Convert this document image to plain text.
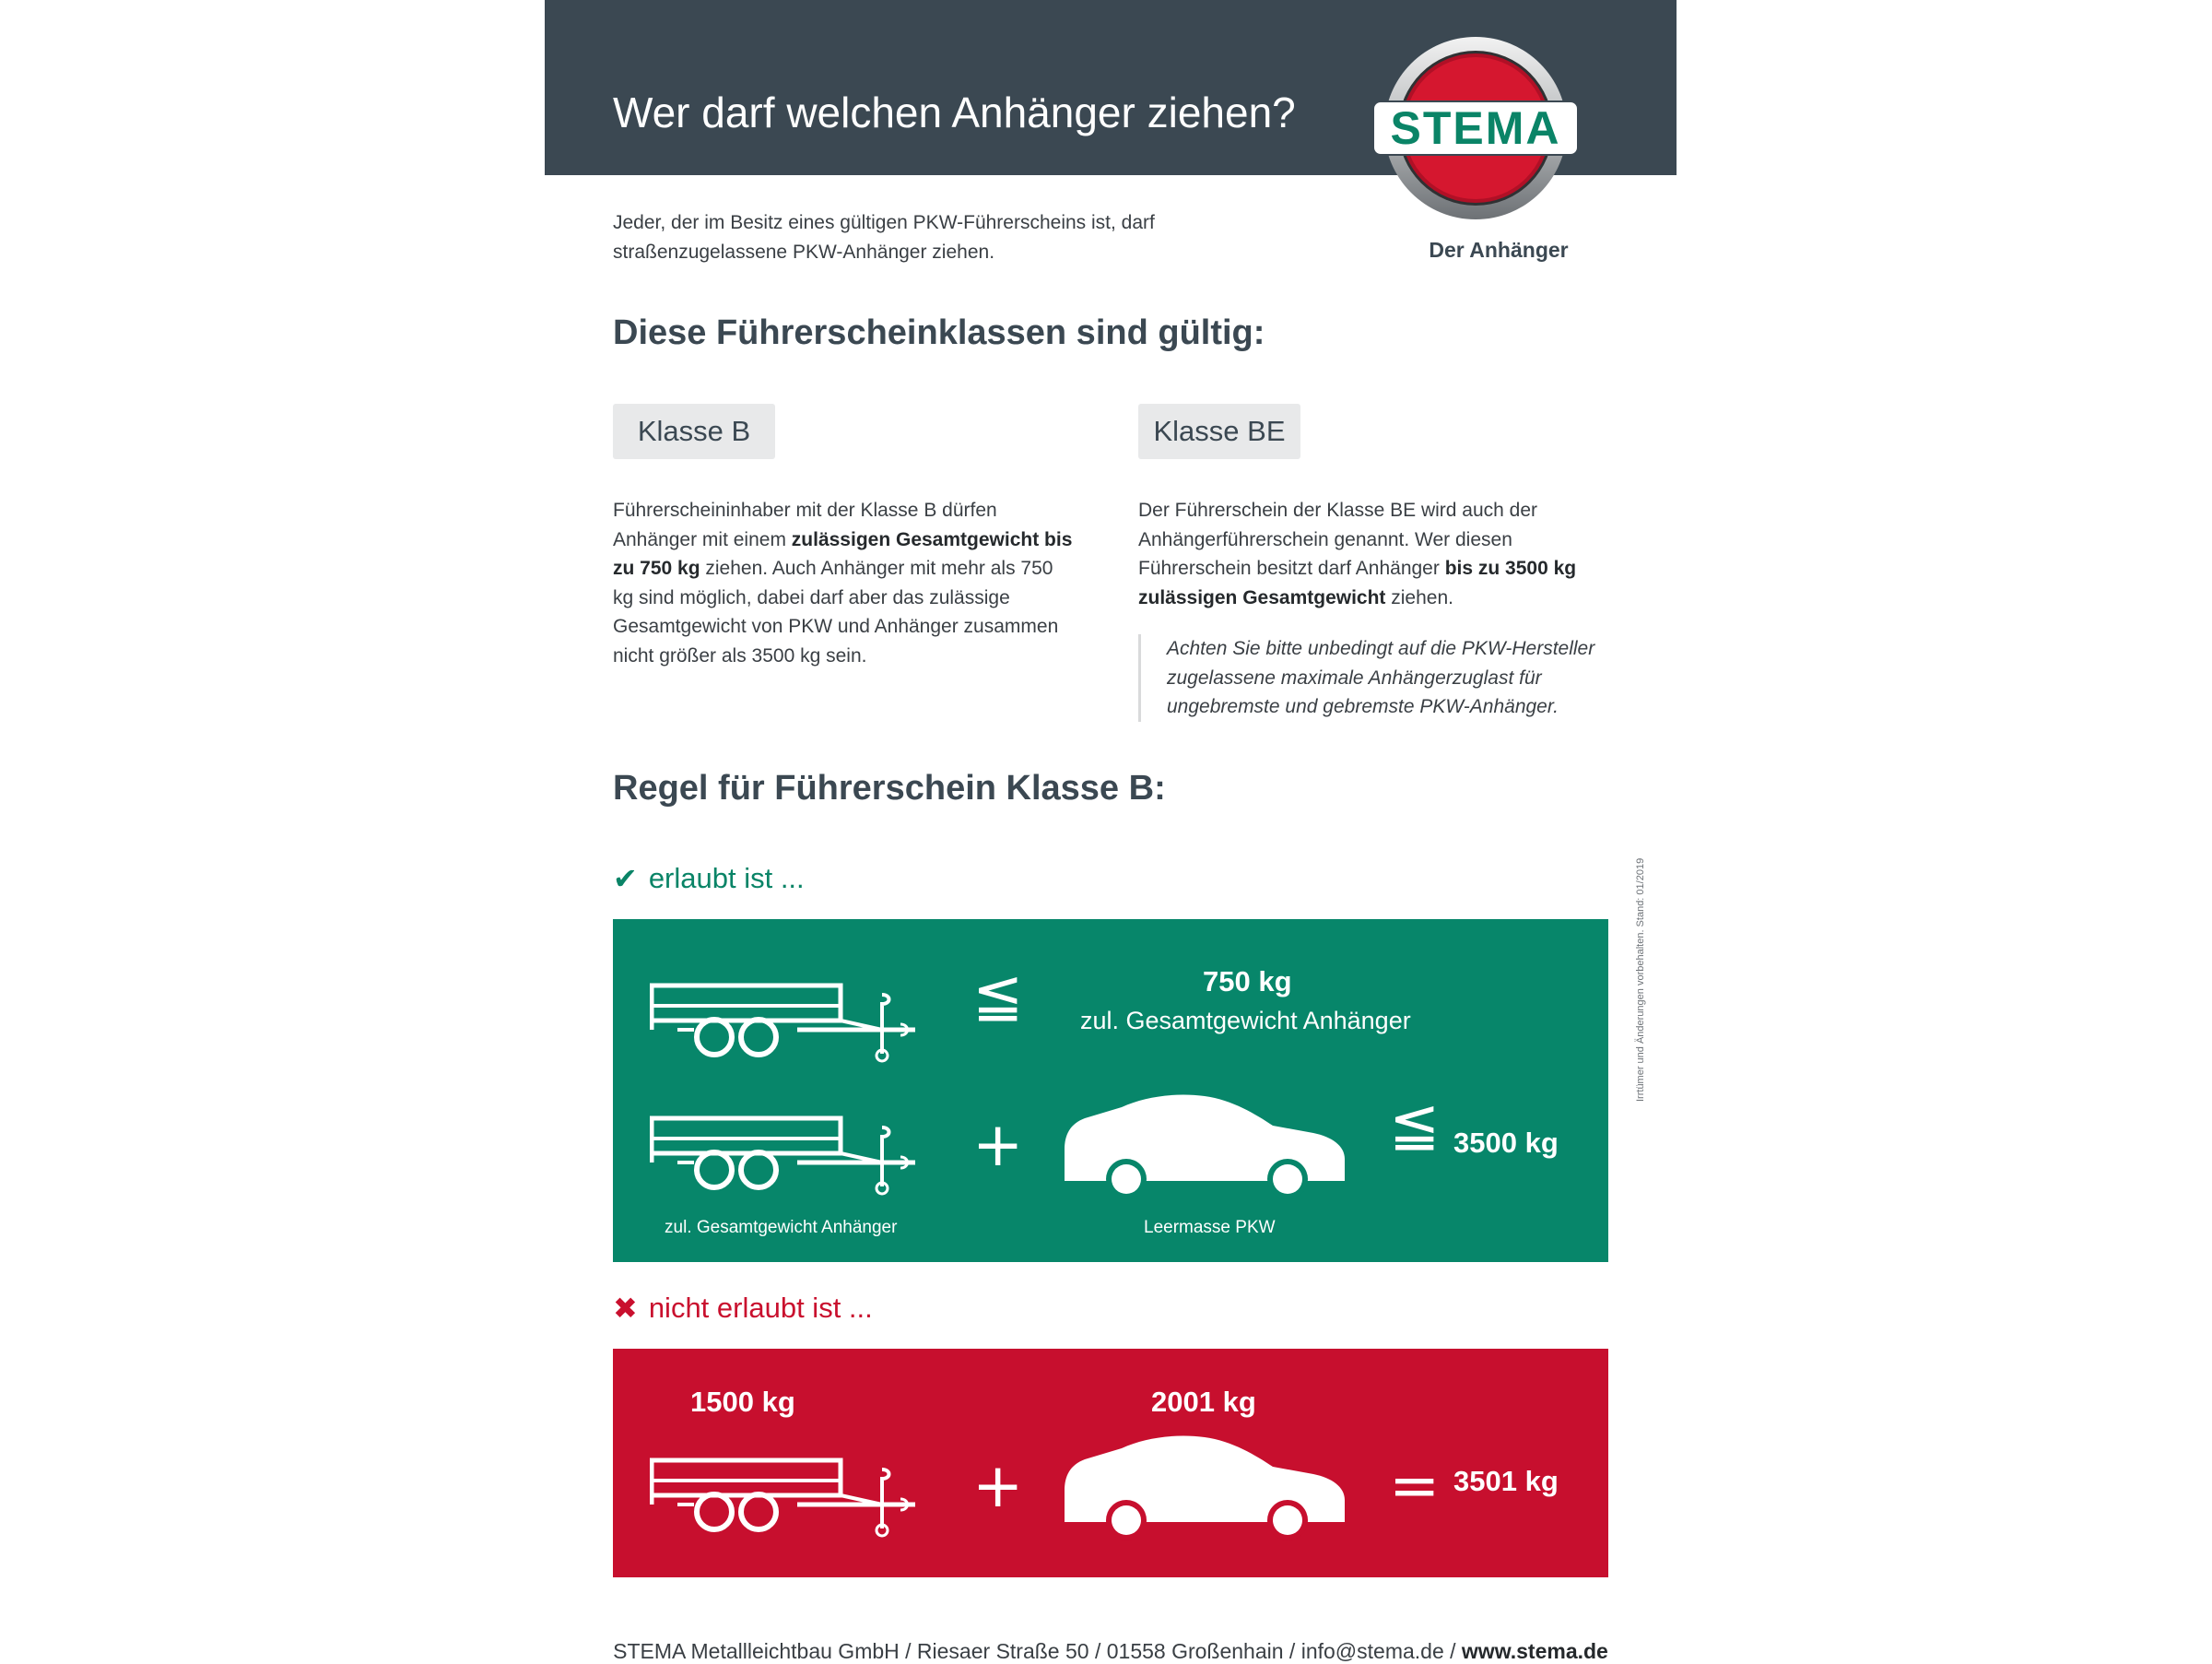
Wer darf welchen Anhänger ziehen? STEMA
Der Anhänger

Jeder, der im Besitz eines gültigen PKW-Führerscheins ist, darf straßenzugelassene PKW-Anhänger ziehen.

Diese Führerscheinklassen sind gültig:
Klasse B	Klasse BE

Führerscheininhaber mit der Klasse B dürfen Anhänger mit einem zulässigen Gesamtgewicht bis zu 750 kg ziehen. Auch Anhänger mit mehr als 750 kg sind möglich, dabei darf aber das zulässige Gesamtgewicht von PKW und Anhänger zusammen nicht größer als 3500 kg sein.

Der Führerschein der Klasse BE wird auch der Anhängerführerschein genannt. Wer diesen Führerschein besitzt darf Anhänger bis zu 3500 kg zulässigen Gesamtgewicht ziehen.

Achten Sie bitte unbedingt auf die PKW-Hersteller zugelassene maximale Anhängerzuglast für ungebremste und gebremste PKW-Anhänger.
Regel für Führerschein Klasse B:
✔ erlaubt ist ...
≦	750 kg
zul. Gesamtgewicht Anhänger
+	≦ 3500 kg
zul. Gesamtgewicht Anhänger	Leermasse PKW
✖ nicht erlaubt ist ...
1500 kg	2001 kg
+	= 3501 kg
Irrtümer und Änderungen vorbehalten. Stand: 01/2019
STEMA Metallleichtbau GmbH / Riesaer Straße 50 / 01558 Großenhain / info@stema.de / www.stema.de
